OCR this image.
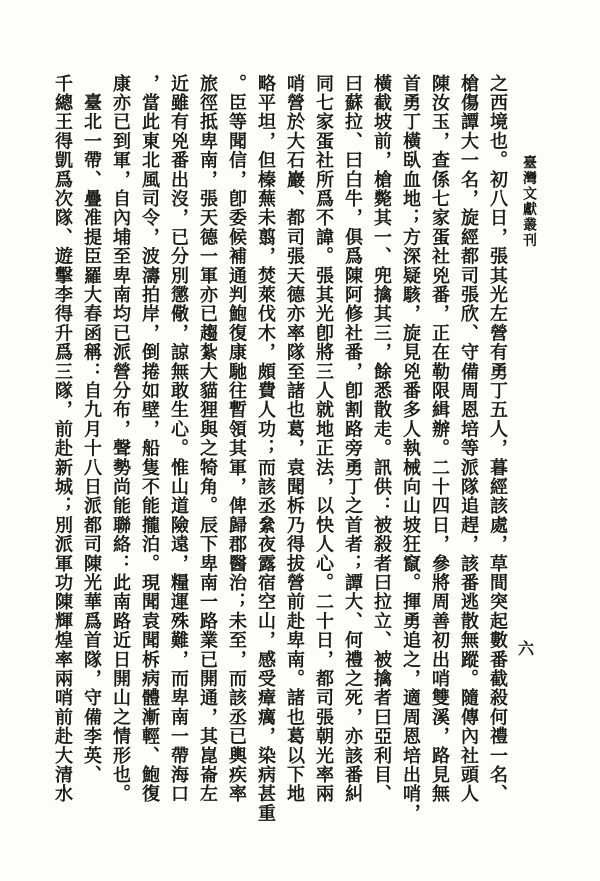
臺灣文獻叢刊
六
之西境也。初八日，張其光左營有勇丁五人，暮經該處，草間突起數番截殺何禮一名、
槍傷譚大一名，旋經都司張欣、守備周恩培等派隊追趕，該番逃散無蹤。隨傳內社頭人
陳汝玉，查係七家蛋社兇番，正在勒限緝辦。二十四日，參將周善初出哨雙溪，路見無
首勇丁橫臥血地；方深疑駭，旋見兇番多人執械向山坡狂竄。揮勇追之，適周恩培出哨，
橫截坡前，槍斃其一、兜擒其三，餘悉散走。訊供：被殺者曰拉立、被擒者曰亞利目、
曰蘇拉、曰白牛，俱爲陳阿修社番，卽割路旁勇丁之首者；譚大、何禮之死，亦該番糾
同七家蛋社所爲不諱。張其光卽將三人就地正法，以快人心。二十日，都司張朝光率兩
哨營於大石巖、都司張天德亦率隊至諸也葛，袁聞柝乃得拔營前赴卑南。諸也葛以下地
略平坦，但榛蕪未翦，焚萊伐木，頗費人功；而該丞絫夜露宿空山，感受瘴癘，染病甚重
。臣等聞信，卽委候補通判鮑復康馳往暫領其軍，俾歸郡醫治；未至，而該丞已輿疾率
旅徑抵卑南，張天德一軍亦已趨紮大貓狸與之犄角。辰下卑南一路業已開通，其崑崙左
近雖有兇番出沒，已分別懲儆，諒無敢生心。惟山道險遠，糧運殊難，而卑南一帶海口
，當此東北風司令，波濤拍岸，倒捲如壁，船隻不能攏泊。現聞袁聞柝病體漸輕、鮑復
康亦已到軍，自內埔至卑南均已派營分布，聲勢尚能聯絡：此南路近日開山之情形也。
　臺北一帶、疊准提臣羅大春函稱：自九月十八日派都司陳光華爲首隊，守備李英、
千總王得凱爲次隊、遊擊李得升爲三隊，前赴新城；別派軍功陳輝煌率兩哨前赴大清水
